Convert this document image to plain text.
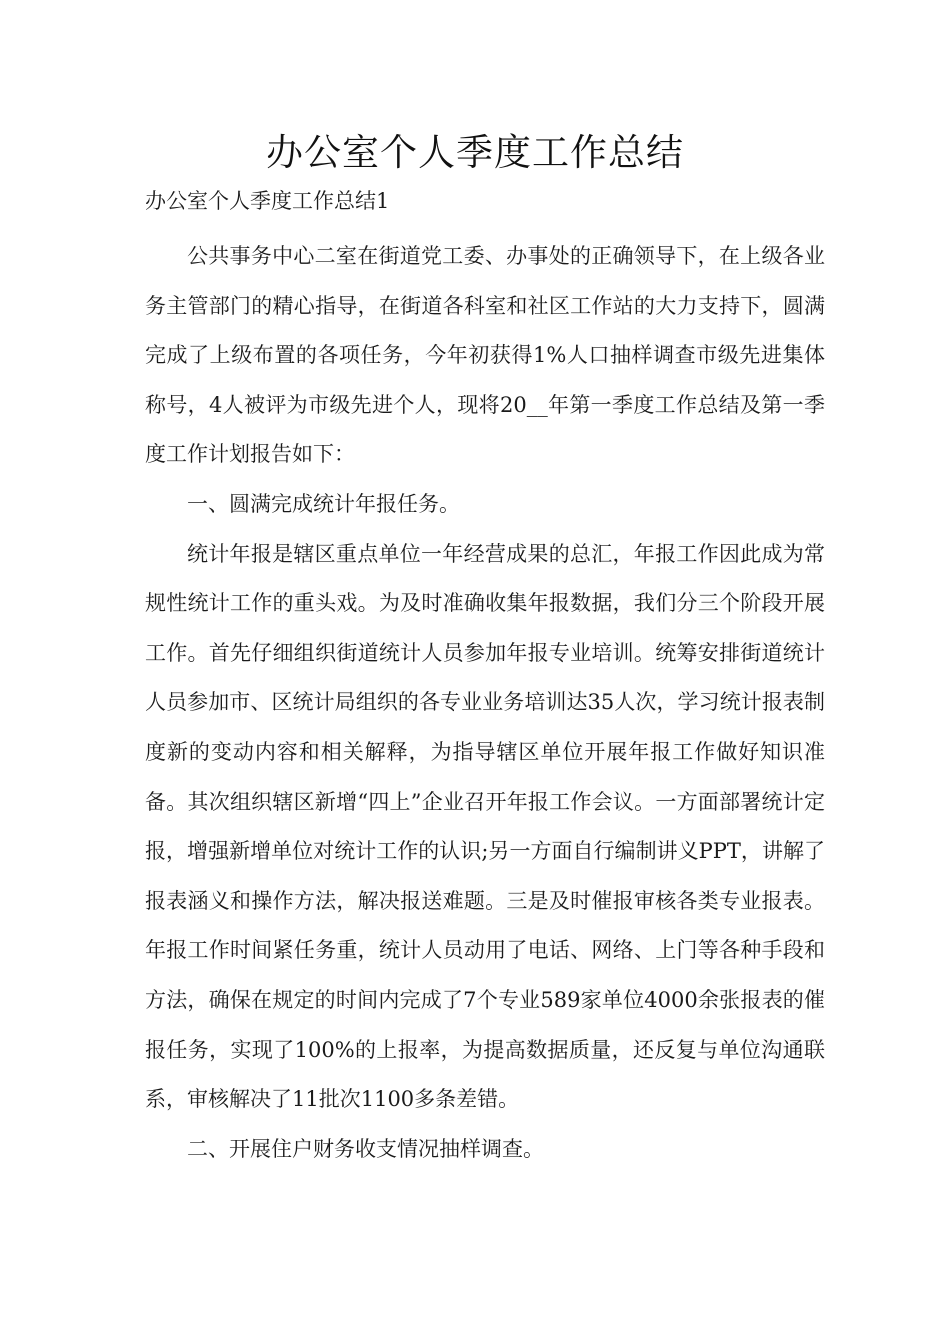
办公室个人季度工作总结

办公室个人季度工作总结1

公共事务中心二室在街道党工委、办事处的正确领导下，在上级各业务主管部门的精心指导，在街道各科室和社区工作站的大力支持下，圆满完成了上级布置的各项任务，今年初获得1%人口抽样调查市级先进集体称号，4人被评为市级先进个人，现将20__年第一季度工作总结及第一季度工作计划报告如下：

一、圆满完成统计年报任务。

统计年报是辖区重点单位一年经营成果的总汇，年报工作因此成为常规性统计工作的重头戏。为及时准确收集年报数据，我们分三个阶段开展工作。首先仔细组织街道统计人员参加年报专业培训。统筹安排街道统计人员参加市、区统计局组织的各专业业务培训达35人次，学习统计报表制度新的变动内容和相关解释，为指导辖区单位开展年报工作做好知识准备。其次组织辖区新增“四上”企业召开年报工作会议。一方面部署统计定报，增强新增单位对统计工作的认识;另一方面自行编制讲义PPT，讲解了报表涵义和操作方法，解决报送难题。三是及时催报审核各类专业报表。年报工作时间紧任务重，统计人员动用了电话、网络、上门等各种手段和方法，确保在规定的时间内完成了7个专业589家单位4000余张报表的催报任务，实现了100%的上报率，为提高数据质量，还反复与单位沟通联系，审核解决了11批次1100多条差错。

二、开展住户财务收支情况抽样调查。
